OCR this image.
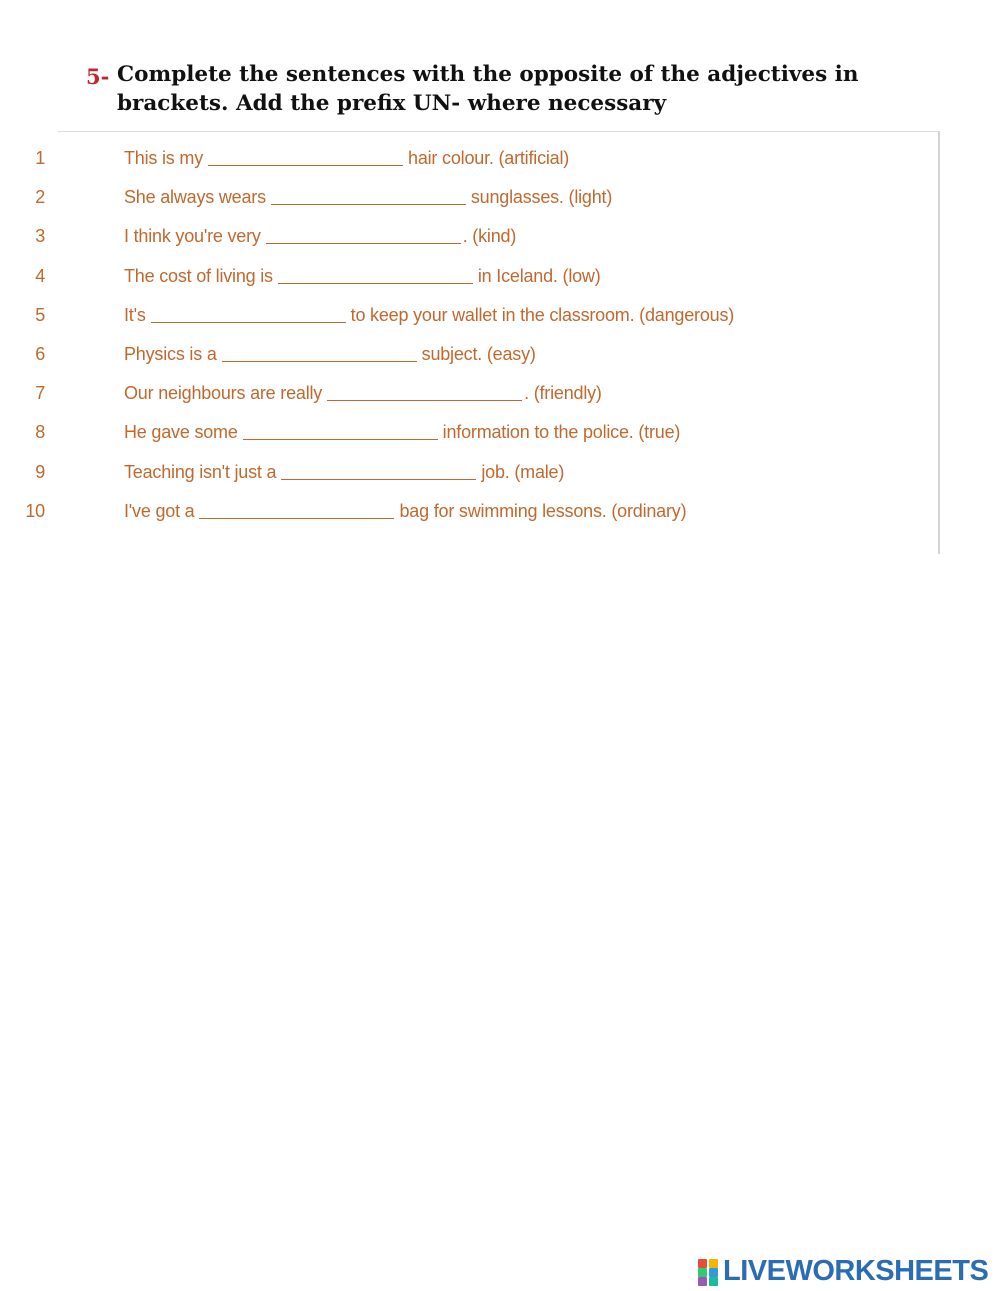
5- Complete the sentences with the opposite of the adjectives in brackets. Add the prefix UN- where necessary
1	This is my	hair colour. (artificial)
2	She always wears	sunglasses. (light)
3	I think you're very	. (kind)
4	The cost of living is	in Iceland. (low)
5	It's	to keep your wallet in the classroom. (dangerous)
6	Physics is a	subject. (easy)
7	Our neighbours are really	. (friendly)
8	He gave some	information to the police. (true)
9	Teaching isn't just a	job. (male)
10	I've got a	bag for swimming lessons. (ordinary)
LIVEWORKSHEETS
